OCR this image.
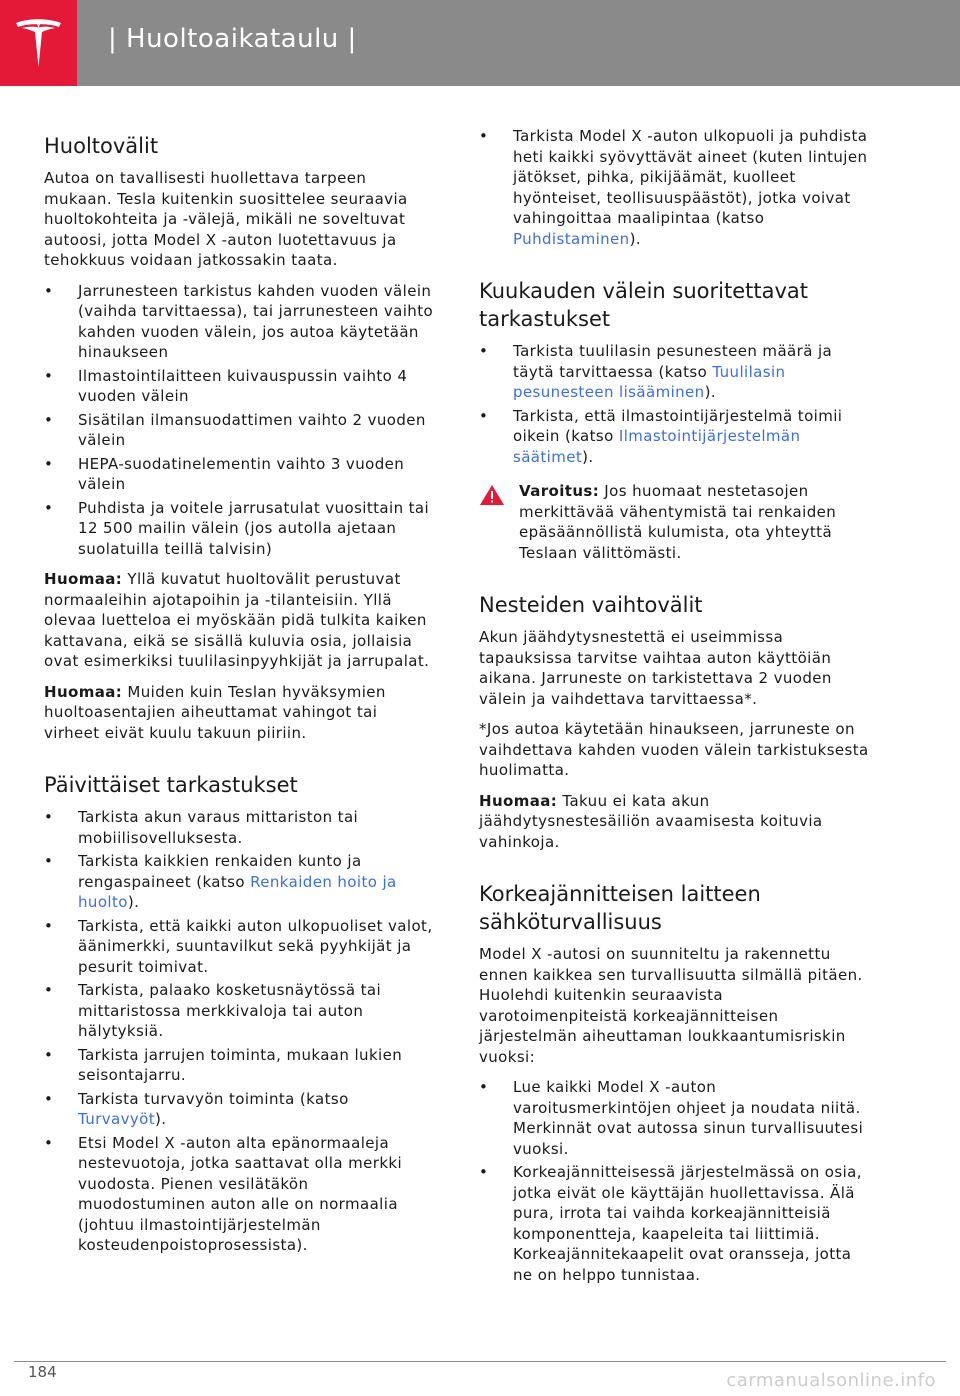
| Huoltoaikataulu |
Huoltovälit

Autoa on tavallisesti huollettava tarpeen mukaan. Tesla kuitenkin suosittelee seuraavia huoltokohteita ja -välejä, mikäli ne soveltuvat autoosi, jotta Model X -auton luotettavuus ja tehokkuus voidaan jatkossakin taata.

• Jarrunesteen tarkistus kahden vuoden välein (vaihda tarvittaessa), tai jarrunesteen vaihto kahden vuoden välein, jos autoa käytetään hinaukseen
• Ilmastointilaitteen kuivauspussin vaihto 4 vuoden välein
• Sisätilan ilmansuodattimen vaihto 2 vuoden välein
• HEPA-suodatinelementin vaihto 3 vuoden välein
• Puhdista ja voitele jarrusatulat vuosittain tai 12 500 mailin välein (jos autolla ajetaan suolatuilla teillä talvisin)

Huomaa: Yllä kuvatut huoltovälit perustuvat normaaleihin ajotapoihin ja -tilanteisiin. Yllä olevaa luetteloa ei myöskään pidä tulkita kaiken kattavana, eikä se sisällä kuluvia osia, jollaisia ovat esimerkiksi tuulilasinpyyhkijät ja jarrupalat.

Huomaa: Muiden kuin Teslan hyväksymien huoltoasentajien aiheuttamat vahingot tai virheet eivät kuulu takuun piiriin.

Päivittäiset tarkastukset
• Tarkista akun varaus mittariston tai mobiilisovelluksesta.
• Tarkista kaikkien renkaiden kunto ja rengaspaineet (katso Renkaiden hoito ja huolto).
• Tarkista, että kaikki auton ulkopuoliset valot, äänimerkki, suuntavilkut sekä pyyhkijät ja pesurit toimivat.
• Tarkista, palaako kosketusnäytössä tai mittaristossa merkkivaloja tai auton hälytyksiä.
• Tarkista jarrujen toiminta, mukaan lukien seisontajarru.
• Tarkista turvavyön toiminta (katso Turvavyöt).
• Etsi Model X -auton alta epänormaaleja nestevuotoja, jotka saattavat olla merkki vuodosta. Pienen vesilätäkön muodostuminen auton alle on normaalia (johtuu ilmastointijärjestelmän kosteudenpoistoprosessista).
• Tarkista Model X -auton ulkopuoli ja puhdista heti kaikki syövyttävät aineet (kuten lintujen jätökset, pihka, pikijäämät, kuolleet hyönteiset, teollisuuspäästöt), jotka voivat vahingoittaa maalipintaa (katso Puhdistaminen).
Kuukauden välein suoritettavat tarkastukset
• Tarkista tuulilasin pesunesteen määrä ja täytä tarvittaessa (katso Tuulilasin pesunesteen lisääminen).
• Tarkista, että ilmastointijärjestelmä toimii oikein (katso Ilmastointijärjestelmän säätimet).

Varoitus: Jos huomaat nestetasojen merkittävää vähentymistä tai renkaiden epäsäännöllistä kulumista, ota yhteyttä Teslaan välittömästi.

Nesteiden vaihtovälit

Akun jäähdytysnestettä ei useimmissa tapauksissa tarvitse vaihtaa auton käyttöiän aikana. Jarruneste on tarkistettava 2 vuoden välein ja vaihdettava tarvittaessa*.

*Jos autoa käytetään hinaukseen, jarruneste on vaihdettava kahden vuoden välein tarkistuksesta huolimatta.

Huomaa: Takuu ei kata akun jäähdytysnestesäiliön avaamisesta koituvia vahinkoja.

Korkeajännitteisen laitteen sähköturvallisuus

Model X -autosi on suunniteltu ja rakennettu ennen kaikkea sen turvallisuutta silmällä pitäen. Huolehdi kuitenkin seuraavista varotoimenpiteistä korkeajännitteisen järjestelmän aiheuttaman loukkaantumisriskin vuoksi:

• Lue kaikki Model X -auton varoitusmerkintöjen ohjeet ja noudata niitä. Merkinnät ovat autossa sinun turvallisuutesi vuoksi.
• Korkeajännitteisessä järjestelmässä on osia, jotka eivät ole käyttäjän huollettavissa. Älä pura, irrota tai vaihda korkeajännitteisiä komponentteja, kaapeleita tai liittimiä.
Korkeajännitekaapelit ovat oransseja, jotta ne on helppo tunnistaa.
184	carmanualsonline.info
